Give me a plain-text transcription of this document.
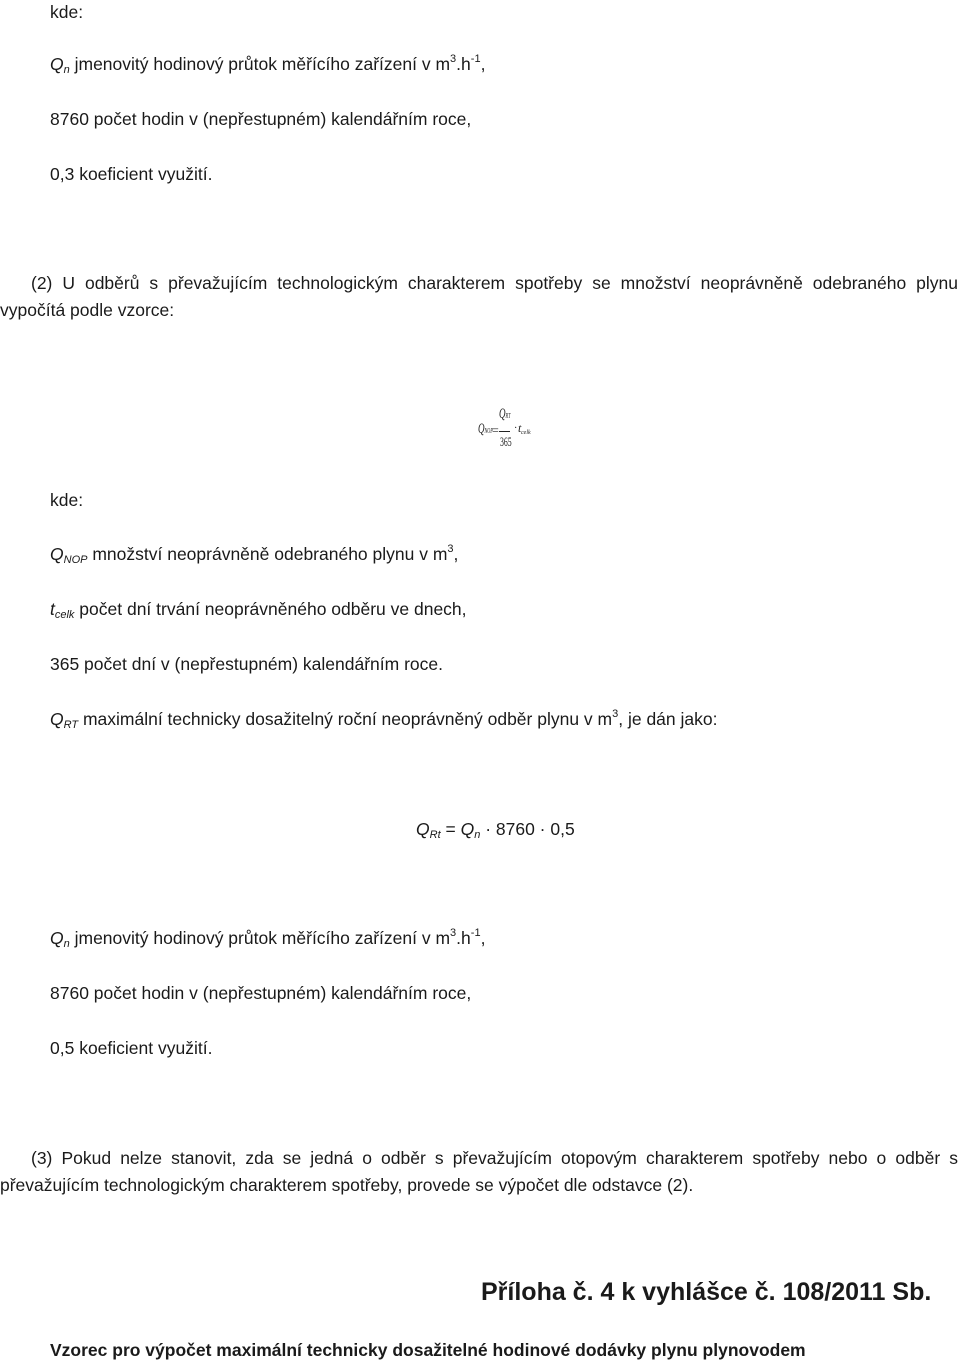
kde:
$Q_n$ jmenovitý hodinový průtok měřícího zařízení v $m^3.h^{-1}$,
8760 počet hodin v (nepřestupném) kalendářním roce,
0,3 koeficient využití.
(2) U odběrů s převažujícím technologickým charakterem spotřeby se množství neoprávněně odebraného plynu vypočítá podle vzorce:
QNOP =
QRT
365
· t celk
kde:
$Q_{NOP}$ množství neoprávněně odebraného plynu v $m^3$,
$t_{celk}$ počet dní trvání neoprávněného odběru ve dnech,
365 počet dní v (nepřestupném) kalendářním roce.
$Q_{RT}$ maximální technicky dosažitelný roční neoprávněný odběr plynu v $m^3$, je dán jako:
$Q_{Rt} = Q_n \cdot 8760 \cdot 0,5$
$Q_n$ jmenovitý hodinový průtok měřícího zařízení v $m^3.h^{-1}$,
8760 počet hodin v (nepřestupném) kalendářním roce,
0,5 koeficient využití.
(3) Pokud nelze stanovit, zda se jedná o odběr s převažujícím otopovým charakterem spotřeby nebo o odběr s převažujícím technologickým charakterem spotřeby, provede se výpočet dle odstavce (2).
Příloha č. 4 k vyhlášce č. 108/2011 Sb.
Vzorec pro výpočet maximální technicky dosažitelné hodinové dodávky plynu plynovodem
